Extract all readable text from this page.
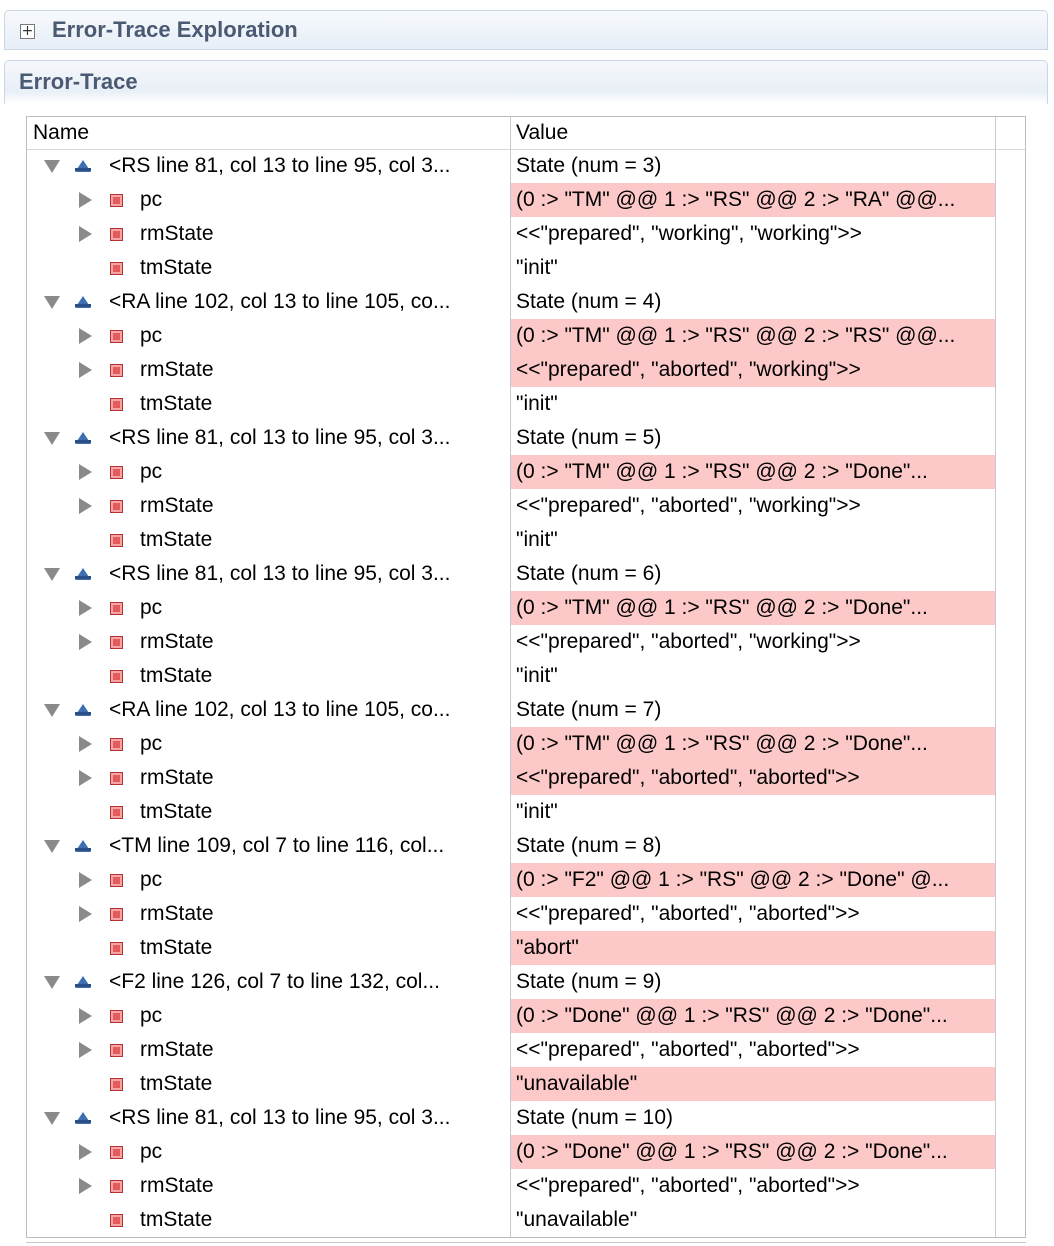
+ Error-Trace Exploration
Error-Trace
Name	Value
<RS line 81, col 13 to line 95, col 3...	State (num = 3)
pc	(0 :> "TM" @@ 1 :> "RS" @@ 2 :> "RA" @@...
rmState	<<"prepared", "working", "working">>
tmState	"init"
<RA line 102, col 13 to line 105, co...	State (num = 4)
pc	(0 :> "TM" @@ 1 :> "RS" @@ 2 :> "RS" @@...
rmState	<<"prepared", "aborted", "working">>
tmState	"init"
<RS line 81, col 13 to line 95, col 3...	State (num = 5)
pc	(0 :> "TM" @@ 1 :> "RS" @@ 2 :> "Done"...
rmState	<<"prepared", "aborted", "working">>
tmState	"init"
<RS line 81, col 13 to line 95, col 3...	State (num = 6)
pc	(0 :> "TM" @@ 1 :> "RS" @@ 2 :> "Done"...
rmState	<<"prepared", "aborted", "working">>
tmState	"init"
<RA line 102, col 13 to line 105, co...	State (num = 7)
pc	(0 :> "TM" @@ 1 :> "RS" @@ 2 :> "Done"...
rmState	<<"prepared", "aborted", "aborted">>
tmState	"init"
<TM line 109, col 7 to line 116, col...	State (num = 8)
pc	(0 :> "F2" @@ 1 :> "RS" @@ 2 :> "Done" @...
rmState	<<"prepared", "aborted", "aborted">>
tmState	"abort"
<F2 line 126, col 7 to line 132, col...	State (num = 9)
pc	(0 :> "Done" @@ 1 :> "RS" @@ 2 :> "Done"...
rmState	<<"prepared", "aborted", "aborted">>
tmState	"unavailable"
<RS line 81, col 13 to line 95, col 3...	State (num = 10)
pc	(0 :> "Done" @@ 1 :> "RS" @@ 2 :> "Done"...
rmState	<<"prepared", "aborted", "aborted">>
tmState	"unavailable"
